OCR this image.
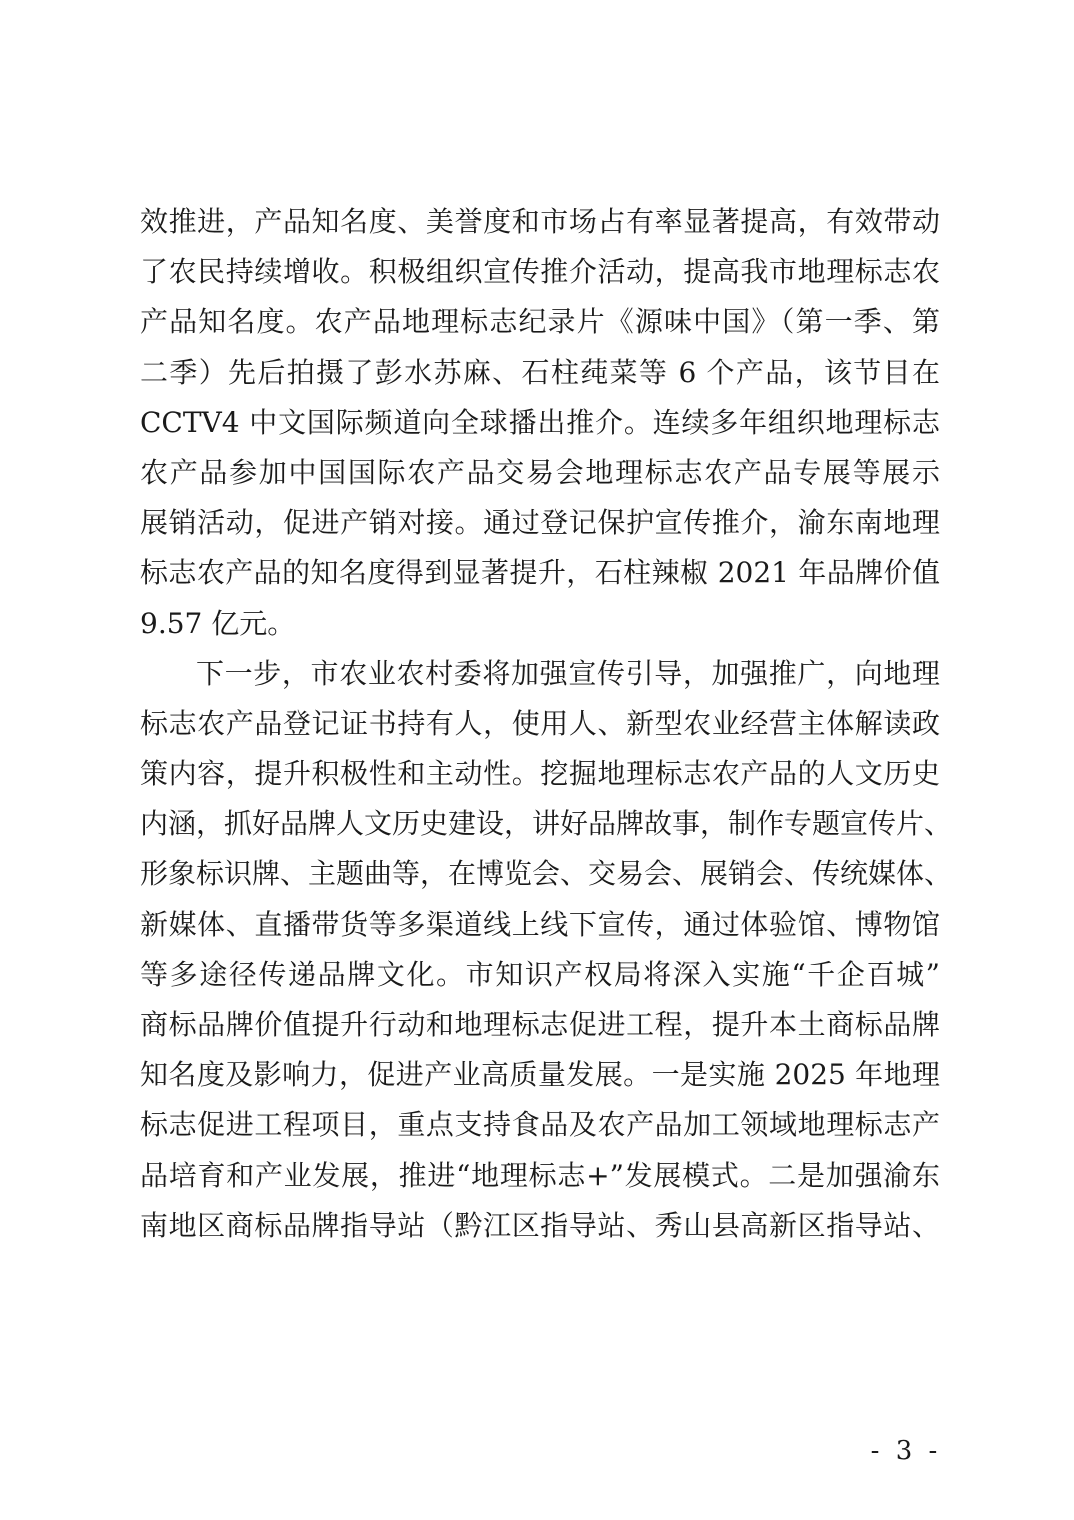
效推进，产品知名度、美誉度和市场占有率显著提高，有效带动
了农民持续增收。积极组织宣传推介活动，提高我市地理标志农
产品知名度。农产品地理标志纪录片《源味中国》（第一季、第
二季）先后拍摄了彭水苏麻、石柱莼菜等 6 个产品，该节目在
CCTV4 中文国际频道向全球播出推介。连续多年组织地理标志
农产品参加中国国际农产品交易会地理标志农产品专展等展示
展销活动，促进产销对接。通过登记保护宣传推介，渝东南地理
标志农产品的知名度得到显著提升，石柱辣椒 2021 年品牌价值
9.57 亿元。
下一步，市农业农村委将加强宣传引导，加强推广，向地理
标志农产品登记证书持有人，使用人、新型农业经营主体解读政
策内容，提升积极性和主动性。挖掘地理标志农产品的人文历史
内涵，抓好品牌人文历史建设，讲好品牌故事，制作专题宣传片、
形象标识牌、主题曲等，在博览会、交易会、展销会、传统媒体、
新媒体、直播带货等多渠道线上线下宣传，通过体验馆、博物馆
等多途径传递品牌文化。市知识产权局将深入实施“千企百城”
商标品牌价值提升行动和地理标志促进工程，提升本土商标品牌
知名度及影响力，促进产业高质量发展。一是实施 2025 年地理
标志促进工程项目，重点支持食品及农产品加工领域地理标志产
品培育和产业发展，推进“地理标志+”发展模式。二是加强渝东
南地区商标品牌指导站（黔江区指导站、秀山县高新区指导站、
- 3 -
